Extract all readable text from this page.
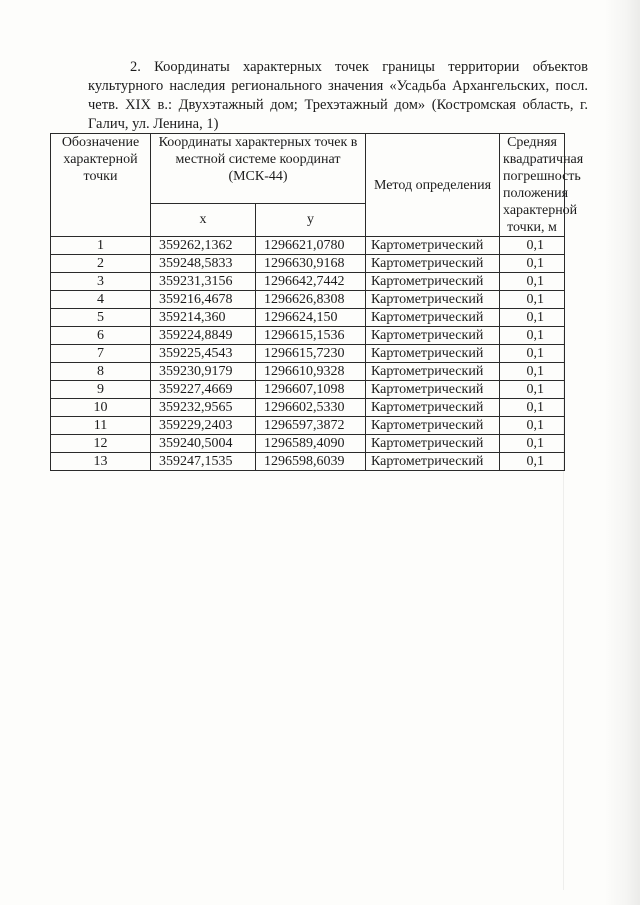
2. Координаты характерных точек границы территории объектов культурного наследия регионального значения «Усадьба Архангельских, посл. четв. XIX в.: Двухэтажный дом; Трехэтажный дом» (Костромская область, г. Галич, ул. Ленина, 1)
Обозначение характерной точки	Координаты характерных точек в местной системе координат (МСК-44)		Метод определения	Средняя квадратичная погрешность положения характерной точки, м
	х	у		
1	359262,1362	1296621,0780	Картометрический	0,1
2	359248,5833	1296630,9168	Картометрический	0,1
3	359231,3156	1296642,7442	Картометрический	0,1
4	359216,4678	1296626,8308	Картометрический	0,1
5	359214,360	1296624,150	Картометрический	0,1
6	359224,8849	1296615,1536	Картометрический	0,1
7	359225,4543	1296615,7230	Картометрический	0,1
8	359230,9179	1296610,9328	Картометрический	0,1
9	359227,4669	1296607,1098	Картометрический	0,1
10	359232,9565	1296602,5330	Картометрический	0,1
11	359229,2403	1296597,3872	Картометрический	0,1
12	359240,5004	1296589,4090	Картометрический	0,1
13	359247,1535	1296598,6039	Картометрический	0,1
